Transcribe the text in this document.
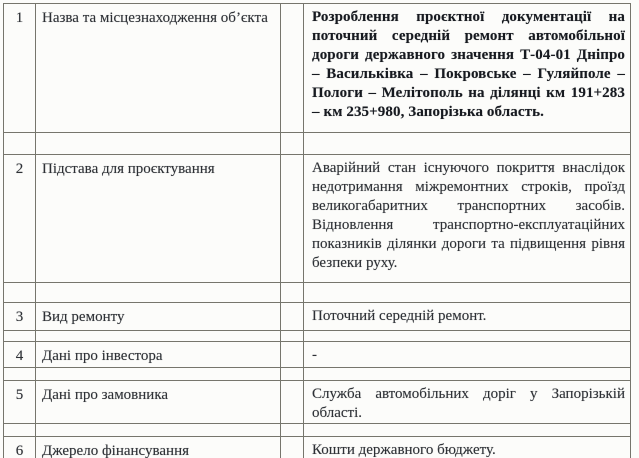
1	Назва та місцезнаходження об’єкта		Розроблення проєктної документації на поточний середній ремонт автомобільної дороги державного значення Т-04-01 Дніпро – Васильківка – Покровське – Гуляйполе – Пологи – Мелітополь на ділянці км 191+283 – км 235+980, Запорізька область.

2	Підстава для проєктування		Аварійний стан існуючого покриття внаслідок недотримання міжремонтних строків, проїзд великогабаритних транспортних засобів. Відновлення транспортно-експлуатаційних показників ділянки дороги та підвищення рівня безпеки руху.

3	Вид ремонту		Поточний середній ремонт.

4	Дані про інвестора		-

5	Дані про замовника		Служба автомобільних доріг у Запорізькій області.

6	Джерело фінансування		Кошти державного бюджету.
